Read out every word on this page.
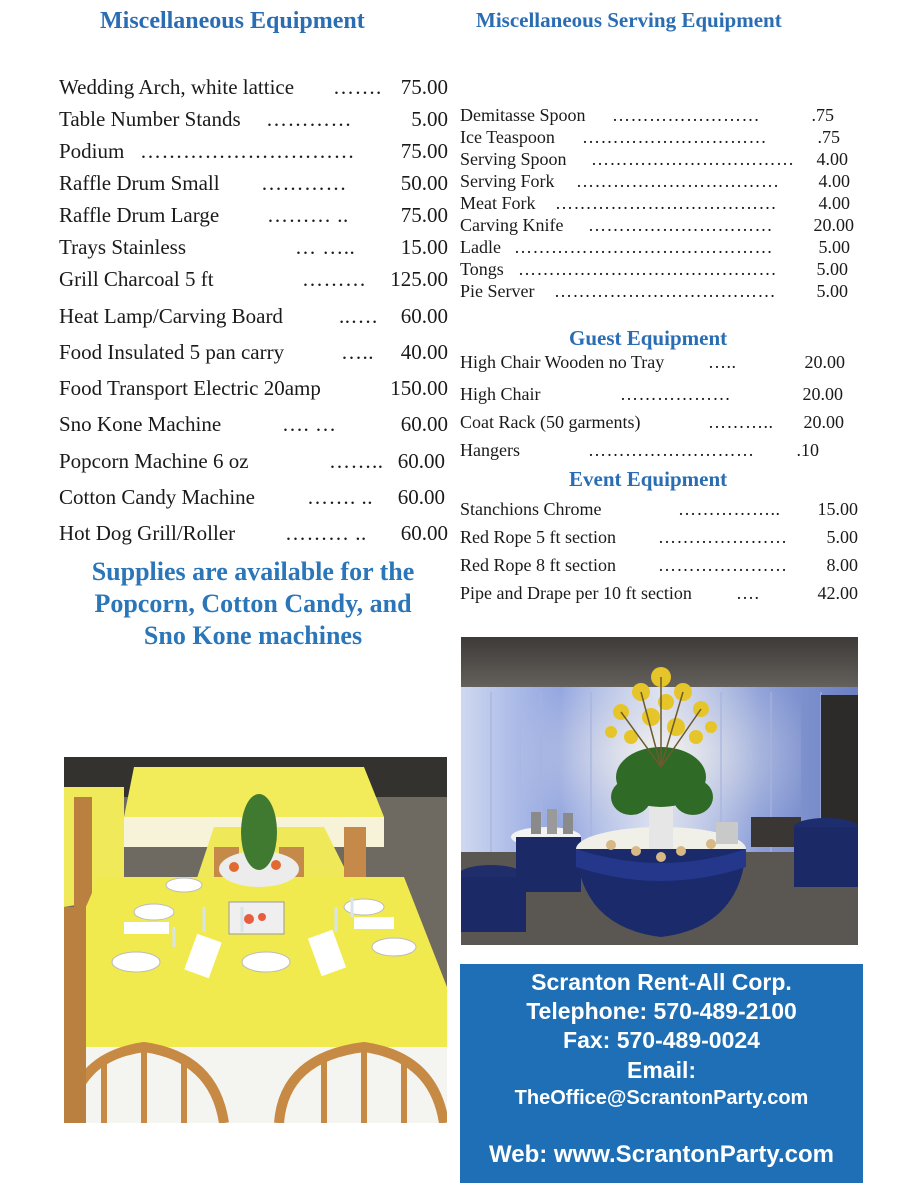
Miscellaneous Equipment	Miscellaneous Serving Equipment
Wedding Arch, white lattice ……. 75.00
Table Number Stands …………	5.00
Podium ………………………… 75.00
Raffle Drum Small …………	50.00
Raffle Drum Large ……… .. 75.00
Trays Stainless	… ….. 15.00
Grill Charcoal 5 ft	……… 125.00
Heat Lamp/Carving Board	..…. 60.00
Food Insulated 5 pan carry	….. 40.00
Food Transport Electric 20amp	150.00
Sno Kone Machine	…. …	60.00
Popcorn Machine 6 oz	…….. 60.00
Cotton Candy Machine ……. .. 60.00
Hot Dog Grill/Roller ……… .. 60.00
Supplies are available for the
Popcorn, Cotton Candy, and
Sno Kone machines
Demitasse Spoon ……………………	.75
Ice Teaspoon …………………………	.75
Serving Spoon …………………………… 4.00
Serving Fork …………………………… 4.00
Meat Fork ……………………………… 4.00
Carving Knife ………………………… 20.00
Ladle ……………………………………	5.00
Tongs …………………………………… 5.00
Pie Server ……………………………… 5.00
Guest Equipment
High Chair Wooden no Tray …..	20.00
High Chair	………………	20.00
Coat Rack (50 garments)	……….. 20.00
Hangers	……………………… .10
Event Equipment
Stanchions Chrome	…………….. 15.00
Red Rope 5 ft section ………………… 5.00
Red Rope 8 ft section ………………… 8.00
Pipe and Drape per 10 ft section ….	42.00
Scranton Rent-All Corp.
Telephone: 570-489-2100
Fax: 570-489-0024
Email:
TheOffice@ScrantonParty.com
Web: www.ScrantonParty.com
